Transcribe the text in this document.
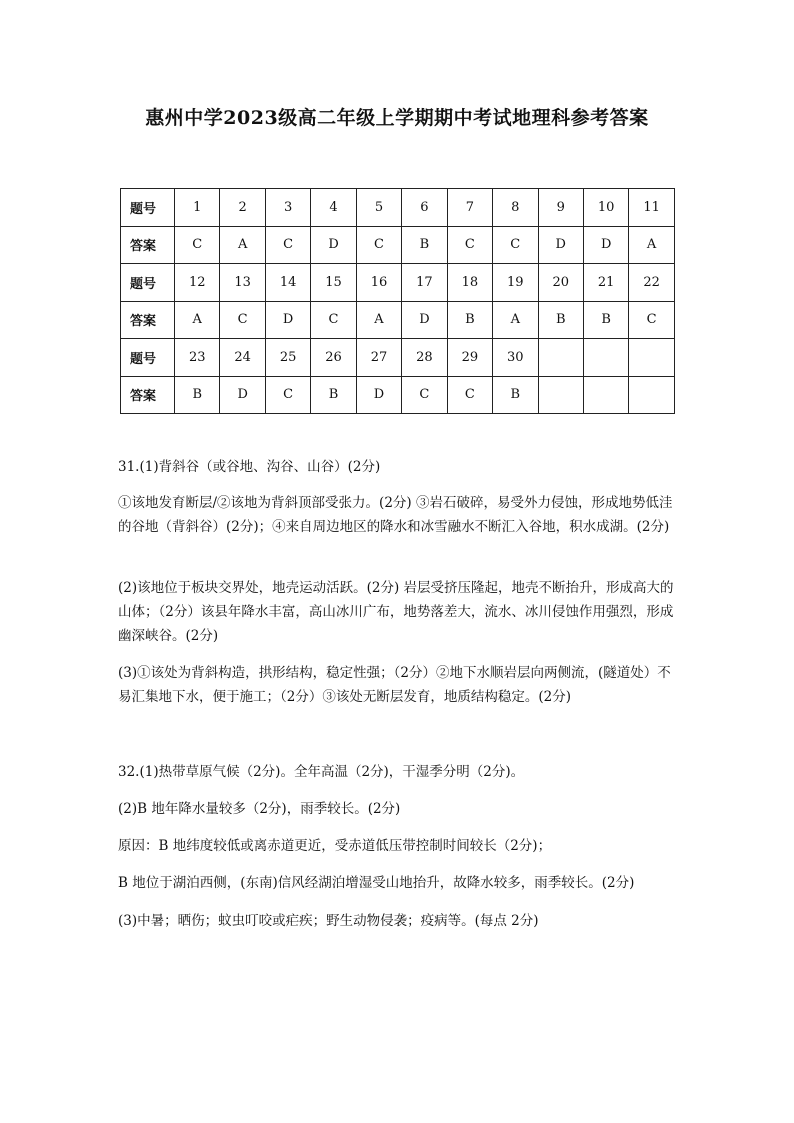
惠州中学2023级高二年级上学期期中考试地理科参考答案
题号	1	2	3	4	5	6	7	8	9	10	11
答案	C	A	C	D	C	B	C	C	D	D	A
题号	12	13	14	15	16	17	18	19	20	21	22
答案	A	C	D	C	A	D	B	A	B	B	C
题号	23	24	25	26	27	28	29	30			
答案	B	D	C	B	D	C	C	B			

31.(1)背斜谷（或谷地、沟谷、山谷）(2分)

①该地发育断层/②该地为背斜顶部受张力。(2分) ③岩石破碎，易受外力侵蚀，形成地势低洼的谷地（背斜谷）(2分)；④来自周边地区的降水和冰雪融水不断汇入谷地，积水成湖。(2分)

(2)该地位于板块交界处，地壳运动活跃。(2分) 岩层受挤压隆起，地壳不断抬升，形成高大的山体；（2分）该县年降水丰富，高山冰川广布，地势落差大，流水、冰川侵蚀作用强烈，形成幽深峡谷。(2分)

(3)①该处为背斜构造，拱形结构，稳定性强；（2分）②地下水顺岩层向两侧流，(隧道处）不易汇集地下水，便于施工；（2分）③该处无断层发育，地质结构稳定。(2分)

32.(1)热带草原气候（2分)。全年高温（2分)，干湿季分明（2分)。

(2)B 地年降水量较多（2分)，雨季较长。(2分)

原因：B 地纬度较低或离赤道更近，受赤道低压带控制时间较长（2分)；

B 地位于湖泊西侧，(东南)信风经湖泊增湿受山地抬升，故降水较多，雨季较长。(2分)

(3)中暑；晒伤；蚊虫叮咬或疟疾；野生动物侵袭；疫病等。(每点 2分)
